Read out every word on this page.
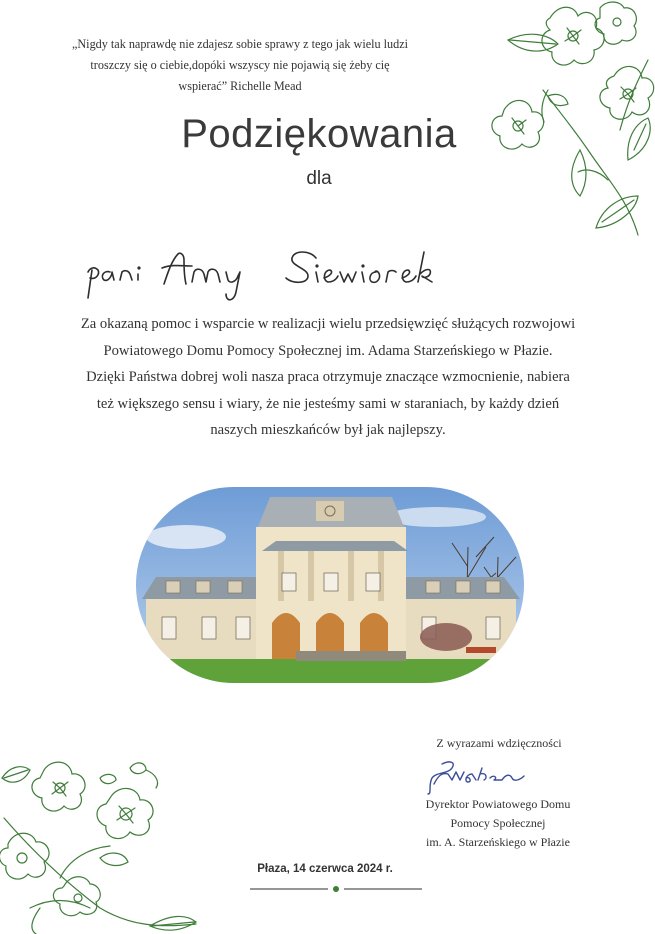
„Nigdy tak naprawdę nie zdajesz sobie sprawy z tego jak wielu ludzi
troszczy się o ciebie,dopóki wszyscy nie pojawią się żeby cię
wspierać” Richelle Mead
Podziękowania
dla
Za okazaną pomoc i wsparcie w realizacji wielu przedsięwzięć służących rozwojowi
Powiatowego Domu Pomocy Społecznej im. Adama Starzeńskiego w Płazie.
Dzięki Państwa dobrej woli nasza praca otrzymuje znaczące wzmocnienie, nabiera
też większego sensu i wiary, że nie jesteśmy sami w staraniach, by każdy dzień
naszych mieszkańców był jak najlepszy.
Z wyrazami wdzięczności
Dyrektor Powiatowego Domu
Pomocy Społecznej
im. A. Starzeńskiego w Płazie
Płaza, 14 czerwca 2024 r.
